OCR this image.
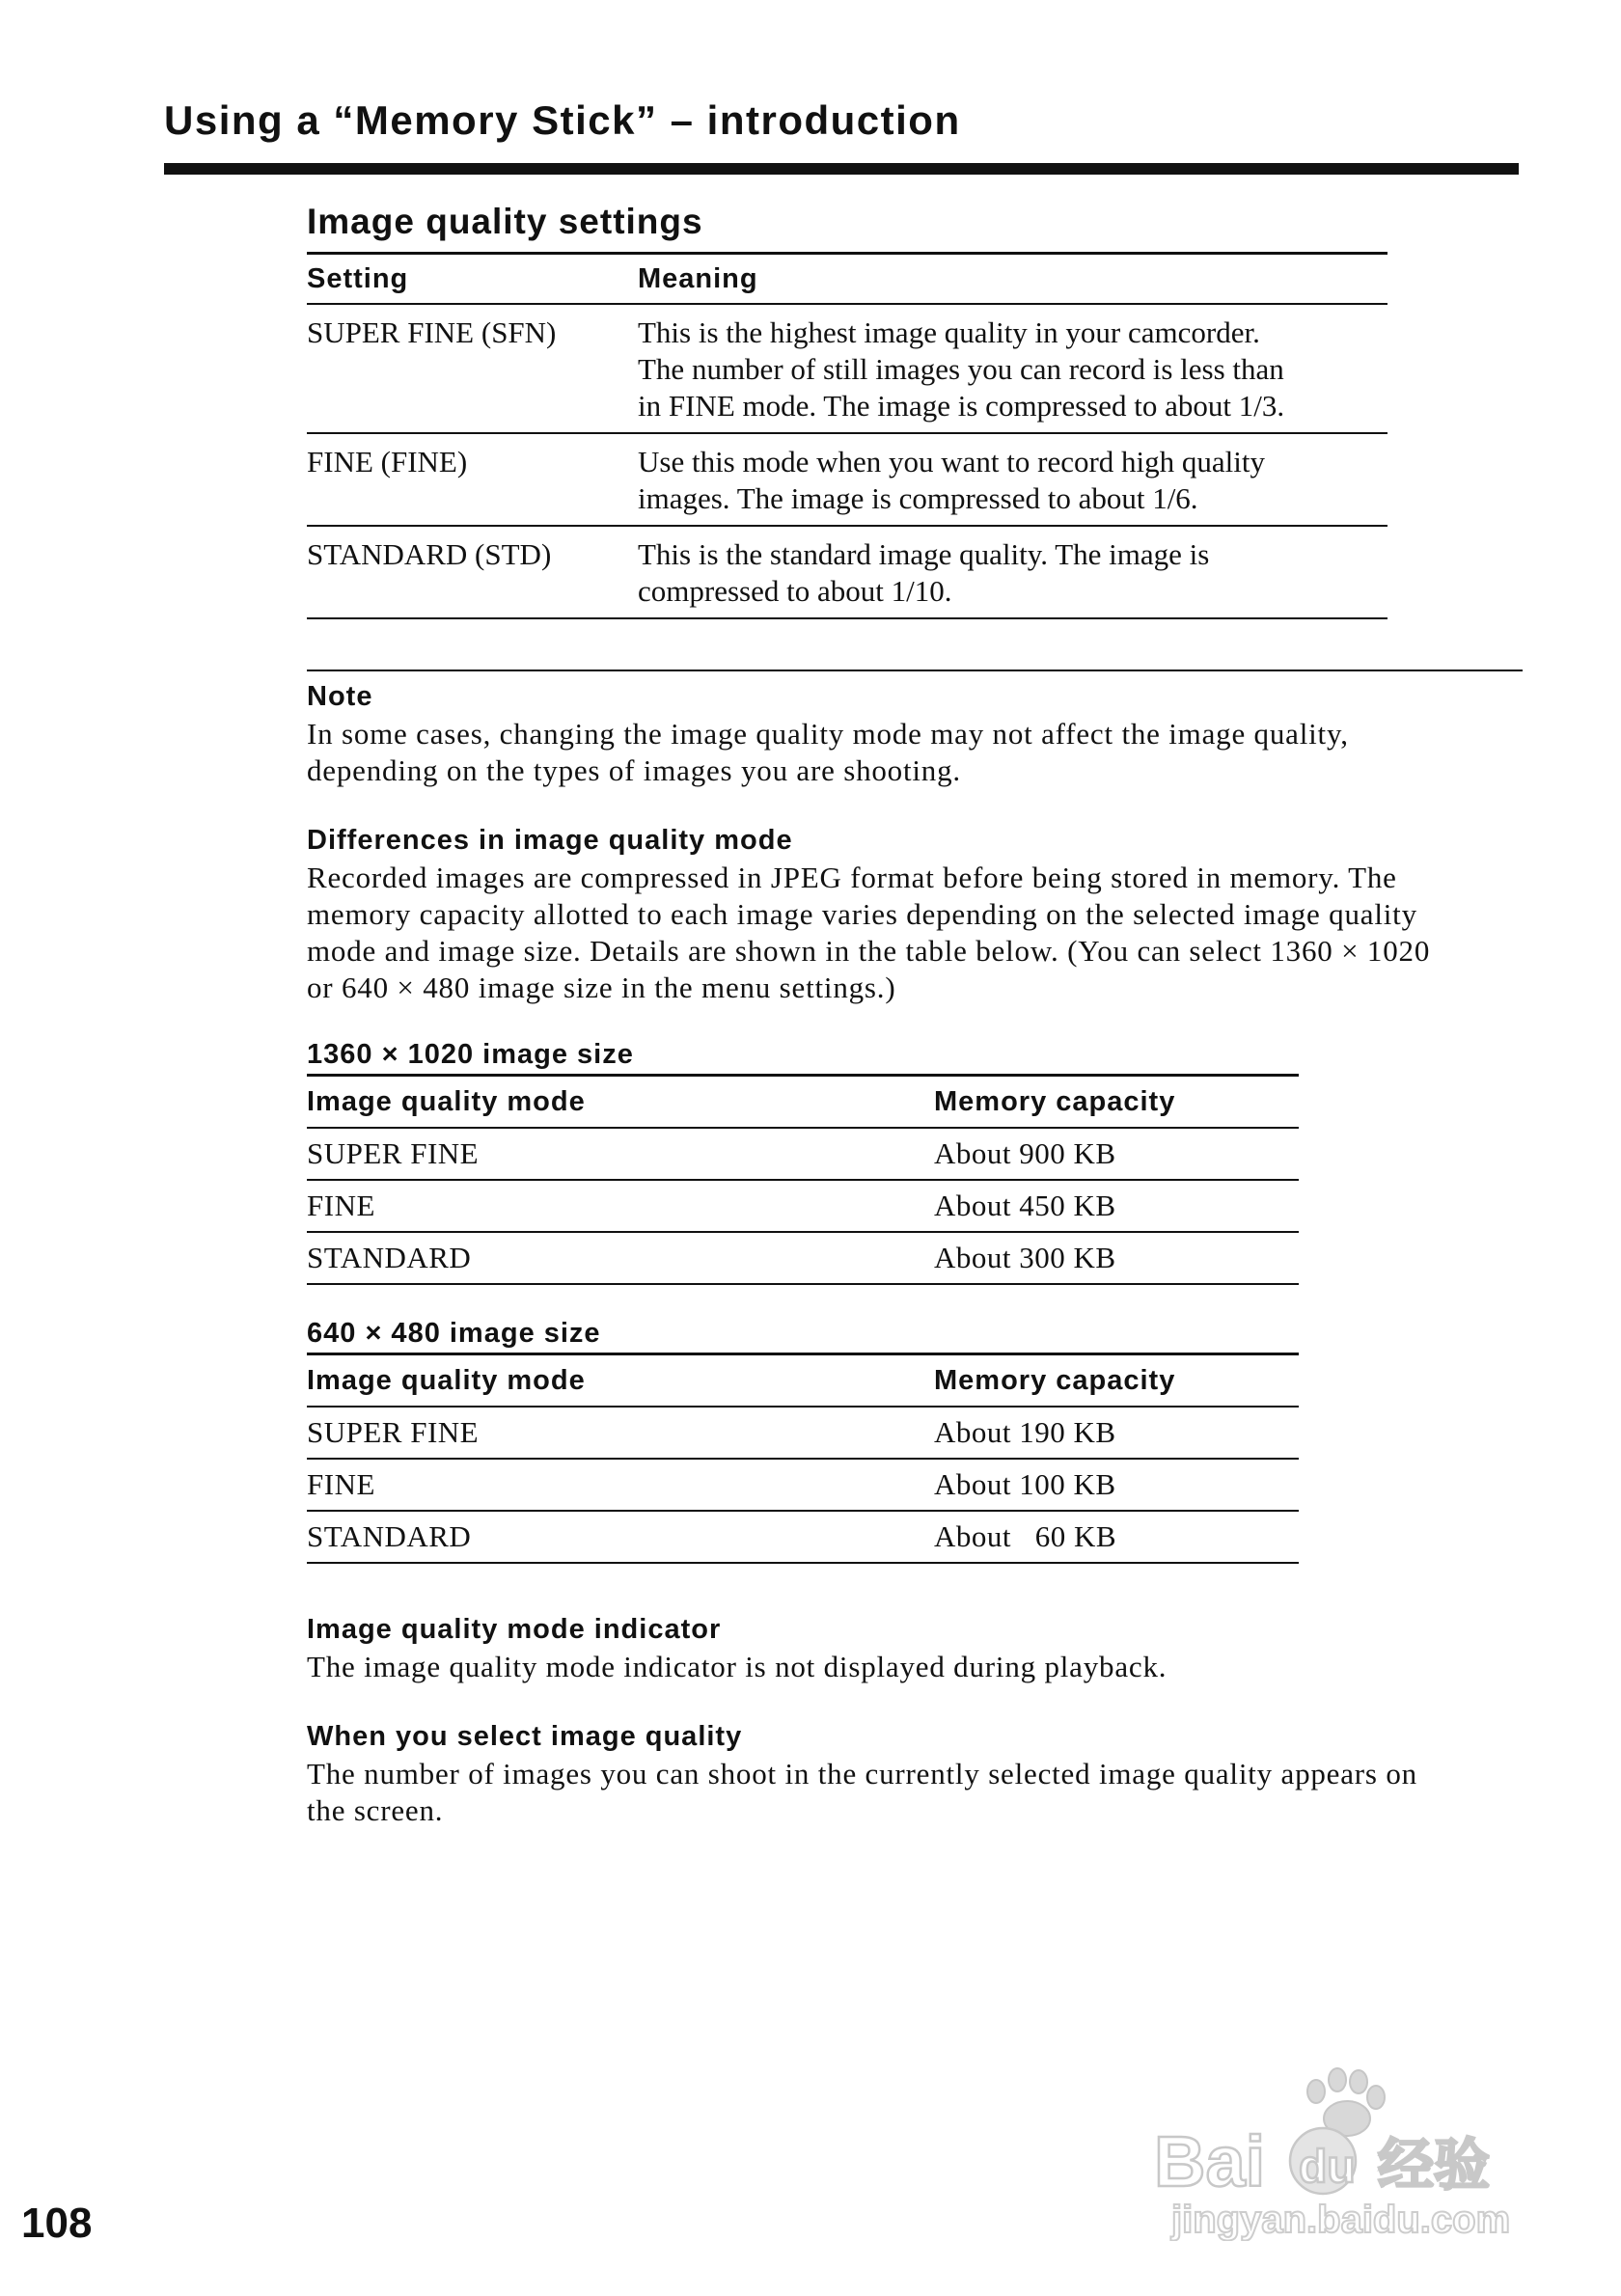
Using a “Memory Stick” – introduction
Image quality settings
Setting	Meaning
SUPER FINE (SFN)	This is the highest image quality in your camcorder.
The number of still images you can record is less than
in FINE mode. The image is compressed to about 1/3.

FINE (FINE)	Use this mode when you want to record high quality
images. The image is compressed to about 1/6.

STANDARD (STD)	This is the standard image quality. The image is
compressed to about 1/10.
Note

In some cases, changing the image quality mode may not affect the image quality,
depending on the types of images you are shooting.

Differences in image quality mode

Recorded images are compressed in JPEG format before being stored in memory. The
memory capacity allotted to each image varies depending on the selected image quality
mode and image size. Details are shown in the table below. (You can select 1360 × 1020
or 640 × 480 image size in the menu settings.)

1360 × 1020 image size
Image quality mode	Memory capacity
SUPER FINE	About 900 KB
FINE	About 450 KB
STANDARD	About 300 KB
640 × 480 image size
Image quality mode	Memory capacity
SUPER FINE	About 190 KB
FINE	About 100 KB
STANDARD	About   60 KB
Image quality mode indicator

The image quality mode indicator is not displayed during playback.

When you select image quality

The number of images you can shoot in the currently selected image quality appears on
the screen.

108
Bai du 经验
jingyan.baidu.com
